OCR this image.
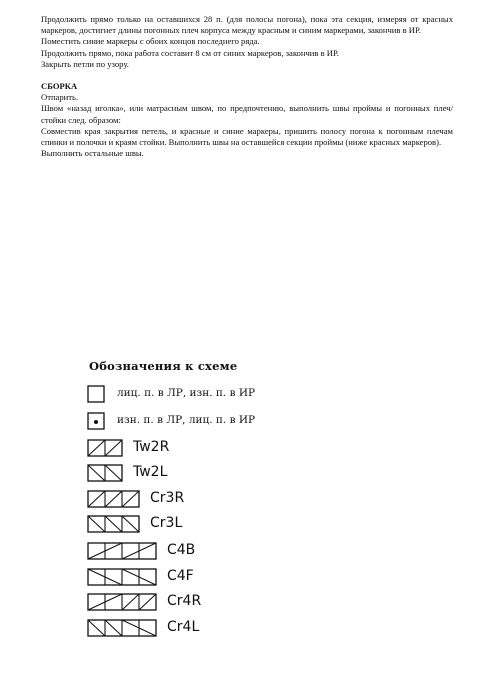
Продолжить прямо только на оставшихся 28 п. (для полосы погона), пока эта секция, измеряя от красных маркеров, достигнет длины погонных плеч корпуса между красным и синим маркерами, закончив в ИР.

Поместить синие маркеры с обоих концов последнего ряда.

Продолжить прямо, пока работа составит 8 см от синих маркеров, закончив в ИР.

Закрыть петли по узору.

СБОРКА

Отпарить.

Швом «назад иголка», или матрасным швом, по предпочтению, выполнить швы проймы и погонных плеч/стойки след. образом:

Совместив края закрытия петель, и красные и синие маркеры, пришить полосу погона к погонным плечам спинки и полочки и краям стойки. Выполнить швы на оставшейся секции проймы (ниже красных маркеров).

Выполнить остальные швы.

Обозначения к схеме
лиц. п. в ЛР, изн. п. в ИР
изн. п. в ЛР, лиц. п. в ИР
Tw2R
Tw2L
Cr3R
Cr3L
C4B
C4F
Cr4R
Cr4L
